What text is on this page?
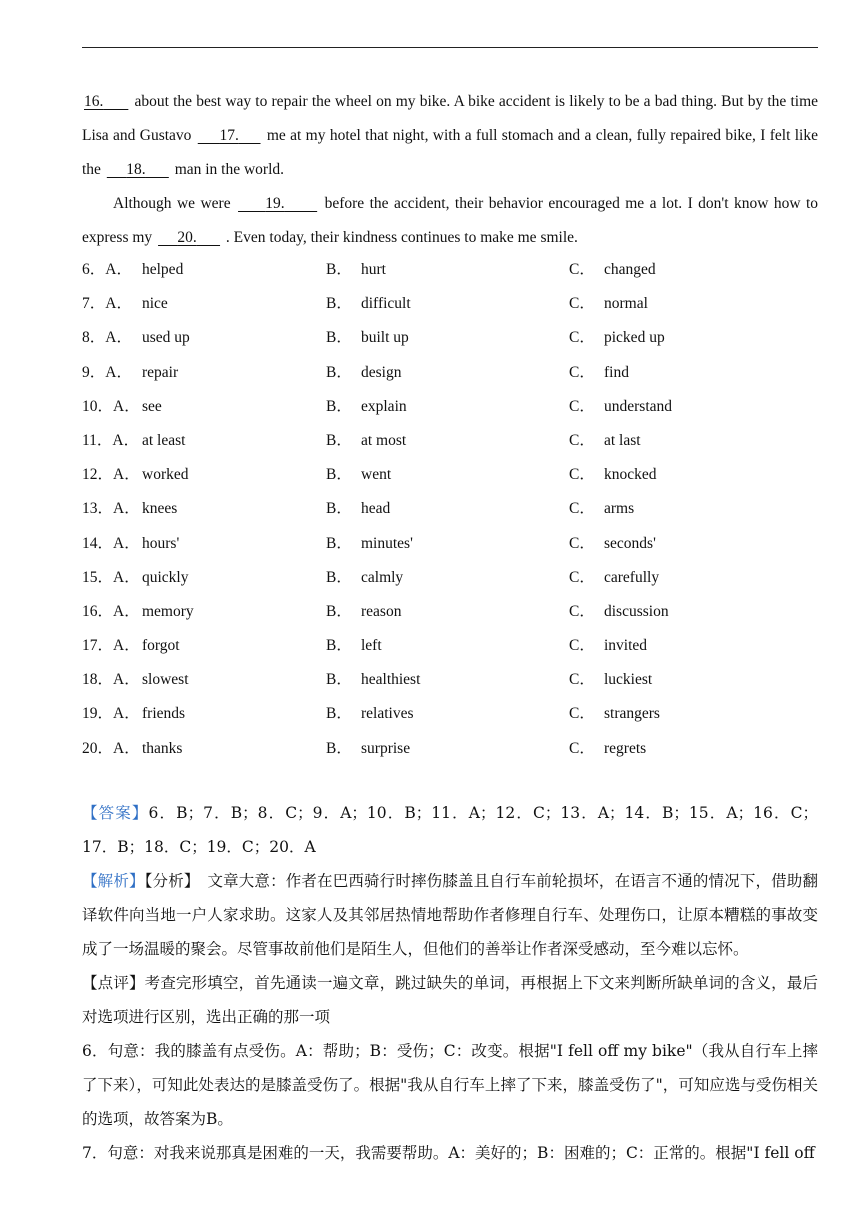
16.       about the best way to repair the wheel on my bike. A bike accident is likely to be a bad thing. But by the time Lisa and Gustavo      17.      me at my hotel that night, with a full stomach and a clean, fully repaired bike, I felt like the      18.       man in the world.

Although we were      19.       before the accident, their behavior encouraged me a lot. I don't know how to express my      20.       . Even today, their kindness continues to make me smile.

6．A． helped	B． hurt	C． changed
7．A． nice	B． difficult	C． normal
8．A． used up	B． built up	C． picked up
9．A． repair	B． design	C． find
10．A． see	B． explain	C． understand
11．A． at least	B． at most	C． at last
12．A． worked	B． went	C． knocked
13．A． knees	B． head	C． arms
14．A． hours'	B． minutes'	C． seconds'
15．A． quickly	B． calmly	C． carefully
16．A． memory	B． reason	C． discussion
17．A． forgot	B． left	C． invited
18．A． slowest	B． healthiest	C． luckiest
19．A． friends	B． relatives	C． strangers
20．A． thanks	B． surprise	C． regrets

【答案】6．B；7．B；8．C；9．A；10．B；11．A；12．C；13．A；14．B；15．A；16．C；17．B；18．C；19．C；20．A

【解析】【分析】　文章大意：作者在巴西骑行时摔伤膝盖且自行车前轮损坏，在语言不通的情况下，借助翻译软件向当地一户人家求助。这家人及其邻居热情地帮助作者修理自行车、处理伤口，让原本糟糕的事故变成了一场温暖的聚会。尽管事故前他们是陌生人，但他们的善举让作者深受感动，至今难以忘怀。

【点评】考查完形填空，首先通读一遍文章，跳过缺失的单词，再根据上下文来判断所缺单词的含义，最后对选项进行区别，选出正确的那一项

6．句意：我的膝盖有点受伤。A：帮助；B：受伤；C：改变。根据"I fell off my bike"（我从自行车上摔了下来），可知此处表达的是膝盖受伤了。根据"我从自行车上摔了下来，膝盖受伤了"，可知应选与受伤相关的选项，故答案为B。

7．句意：对我来说那真是困难的一天，我需要帮助。A：美好的；B：困难的；C：正常的。根据"I fell off
